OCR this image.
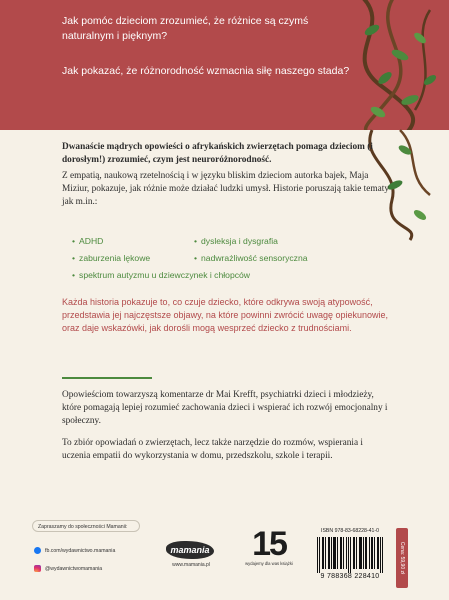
Jak pomóc dzieciom zrozumieć, że różnice są czymś naturalnym i pięknym?

Jak pokazać, że różnorodność wzmacnia siłę naszego stada?

Dwanaście mądrych opowieści o afrykańskich zwierzętach pomaga dzieciom (i dorosłym!) zrozumieć, czym jest neuroróżnorodność.

Z empatią, naukową rzetelnością i w języku bliskim dzieciom autorka bajek, Maja Mizіur, pokazuje, jak różnie może działać ludzki umysł. Historie poruszają takie tematy jak m.in.:

• ADHD	• dysleksja i dysgrafia
• zaburzenia lękowe	• nadwrażliwość sensoryczna
• spektrum autyzmu u dziewczynek i chłopców

Każda historia pokazuje to, co czuje dziecko, które odkrywa swoją atypowość, przedstawia jej najczęstsze objawy, na które powinni zwrócić uwagę opiekunowie, oraz daje wskazówki, jak dorośli mogą wesprzeć dziecko z trudnościami.

Opowieściom towarzyszą komentarze dr Mai Krefft, psychiatrki dzieci i młodzieży, które pomagają lepiej rozumieć zachowania dzieci i wspierać ich rozwój emocjonalny i społeczny.

To zbiór opowiadań o zwierzętach, lecz także narzędzie do rozmów, wspierania i uczenia empatii do wykorzystania w domu, przedszkolu, szkole i terapii.

Zapraszamy do społeczności Mamanii:
fb.com/wydawnictwo.mamania
@wydawnictwomamania
mamania
www.mamania.pl
15
wydajemy dla was książki
ISBN 978-83-68228-41-0
9 788368 228410
Cena: 59,90 zł
